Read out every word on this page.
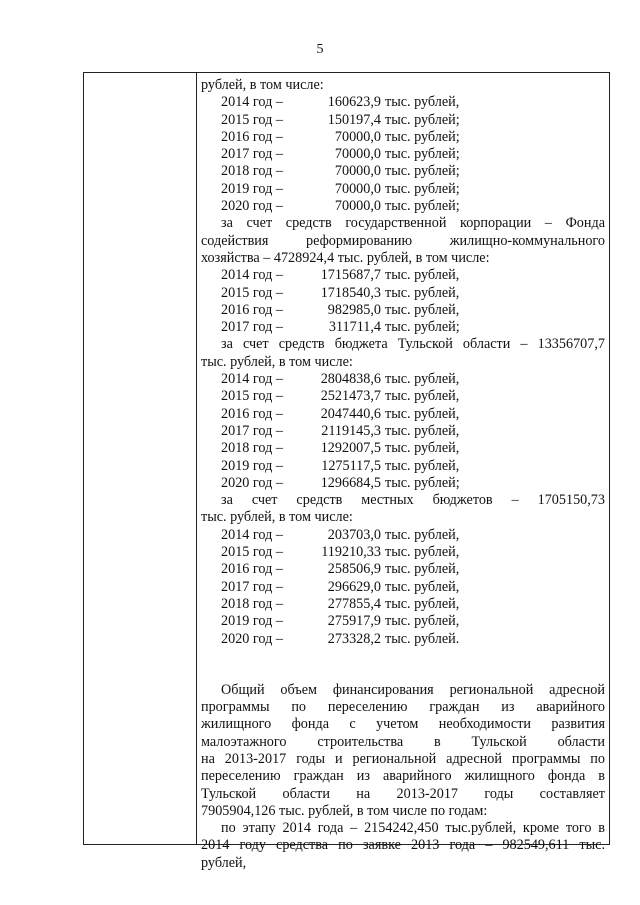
5
рублей, в том числе:
2014 год –	160623,9 тыс. рублей,
2015 год –	150197,4 тыс. рублей;
2016 год –	70000,0 тыс. рублей;
2017 год –	70000,0 тыс. рублей;
2018 год –	70000,0 тыс. рублей;
2019 год –	70000,0 тыс. рублей;
2020 год –	70000,0 тыс. рублей;
за счет средств государственной корпорации – Фонда
содействия реформированию жилищно-коммунального
хозяйства – 4728924,4 тыс. рублей, в том числе:
2014 год –	1715687,7 тыс. рублей,
2015 год –	1718540,3 тыс. рублей,
2016 год –	982985,0 тыс. рублей,
2017 год –	311711,4 тыс. рублей;
за счет средств бюджета Тульской области – 13356707,7
тыс. рублей, в том числе:
2014 год –	2804838,6 тыс. рублей,
2015 год –	2521473,7 тыс. рублей,
2016 год –	2047440,6 тыс. рублей,
2017 год –	2119145,3 тыс. рублей,
2018 год –	1292007,5 тыс. рублей,
2019 год –	1275117,5 тыс. рублей,
2020 год –	1296684,5 тыс. рублей;
за счет средств местных бюджетов – 1705150,73
тыс. рублей, в том числе:
2014 год –	203703,0 тыс. рублей,
2015 год –	119210,33 тыс. рублей,
2016 год –	258506,9 тыс. рублей,
2017 год –	296629,0 тыс. рублей,
2018 год –	277855,4 тыс. рублей,
2019 год –	275917,9 тыс. рублей,
2020 год –	273328,2 тыс. рублей.
Общий объем финансирования региональной адресной
программы по переселению граждан из аварийного
жилищного фонда с учетом необходимости развития
малоэтажного строительства в Тульской области
на 2013-2017 годы и региональной адресной программы по
переселению граждан из аварийного жилищного фонда в
Тульской области на 2013-2017 годы составляет
7905904,126 тыс. рублей, в том числе по годам:
по этапу 2014 года – 2154242,450 тыс.рублей, кроме того в
2014 году средства по заявке 2013 года – 982549,611 тыс.
рублей,
